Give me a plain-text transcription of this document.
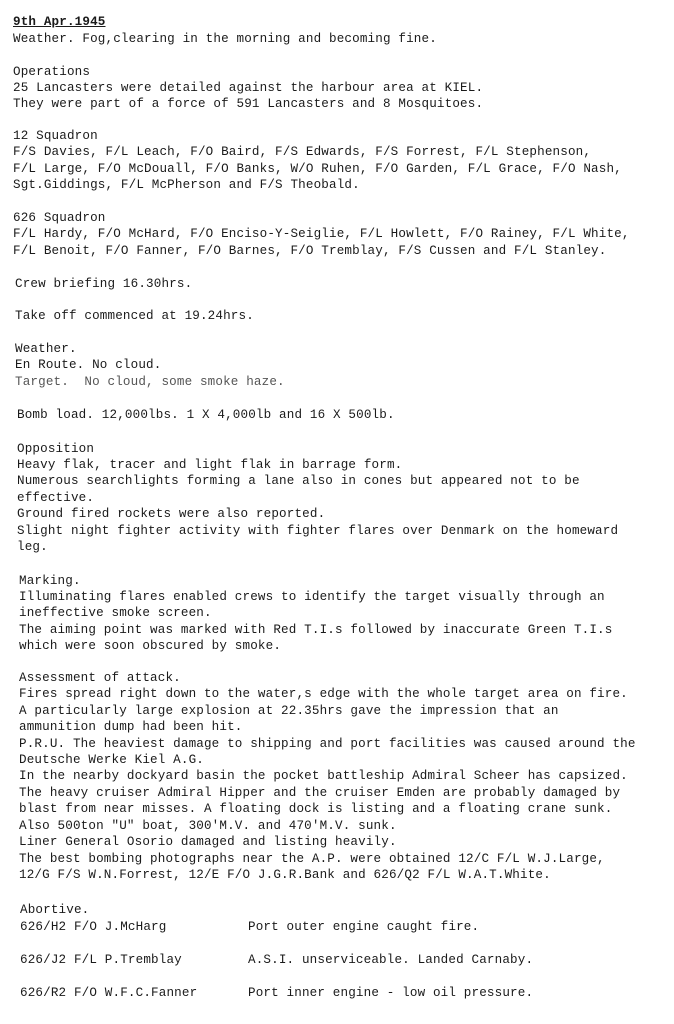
9th Apr.1945
Weather. Fog,clearing in the morning and becoming fine.
Operations
25 Lancasters were detailed against the harbour area at KIEL.
They were part of a force of 591 Lancasters and 8 Mosquitoes.
12 Squadron
F/S Davies, F/L Leach, F/O Baird, F/S Edwards, F/S Forrest, F/L Stephenson,
F/L Large, F/O McDouall, F/O Banks, W/O Ruhen, F/O Garden, F/L Grace, F/O Nash,
Sgt.Giddings, F/L McPherson and F/S Theobald.
626 Squadron
F/L Hardy, F/O McHard, F/O Enciso-Y-Seiglie, F/L Howlett, F/O Rainey, F/L White,
F/L Benoit, F/O Fanner, F/O Barnes, F/O Tremblay, F/S Cussen and F/L Stanley.
Crew briefing 16.30hrs.
Take off commenced at 19.24hrs.
Weather.
En Route. No cloud.
Target.  No cloud, some smoke haze.
Bomb load. 12,000lbs. 1 X 4,000lb and 16 X 500lb.
Opposition
Heavy flak, tracer and light flak in barrage form.
Numerous searchlights forming a lane also in cones but appeared not to be
effective.
Ground fired rockets were also reported.
Slight night fighter activity with fighter flares over Denmark on the homeward
leg.
Marking.
Illuminating flares enabled crews to identify the target visually through an
ineffective smoke screen.
The aiming point was marked with Red T.I.s followed by inaccurate Green T.I.s
which were soon obscured by smoke.
Assessment of attack.
Fires spread right down to the water,s edge with the whole target area on fire.
A particularly large explosion at 22.35hrs gave the impression that an
ammunition dump had been hit.
P.R.U. The heaviest damage to shipping and port facilities was caused around the
Deutsche Werke Kiel A.G.
In the nearby dockyard basin the pocket battleship Admiral Scheer has capsized.
The heavy cruiser Admiral Hipper and the cruiser Emden are probably damaged by
blast from near misses. A floating dock is listing and a floating crane sunk.
Also 500ton "U" boat, 300'M.V. and 470'M.V. sunk.
Liner General Osorio damaged and listing heavily.
The best bombing photographs near the A.P. were obtained 12/C F/L W.J.Large,
12/G F/S W.N.Forrest, 12/E F/O J.G.R.Bank and 626/Q2 F/L W.A.T.White.
Abortive.
626/H2 F/O J.McHarg	Port outer engine caught fire.
626/J2 F/L P.Tremblay	A.S.I. unserviceable. Landed Carnaby.
626/R2 F/O W.F.C.Fanner	Port inner engine - low oil pressure.
